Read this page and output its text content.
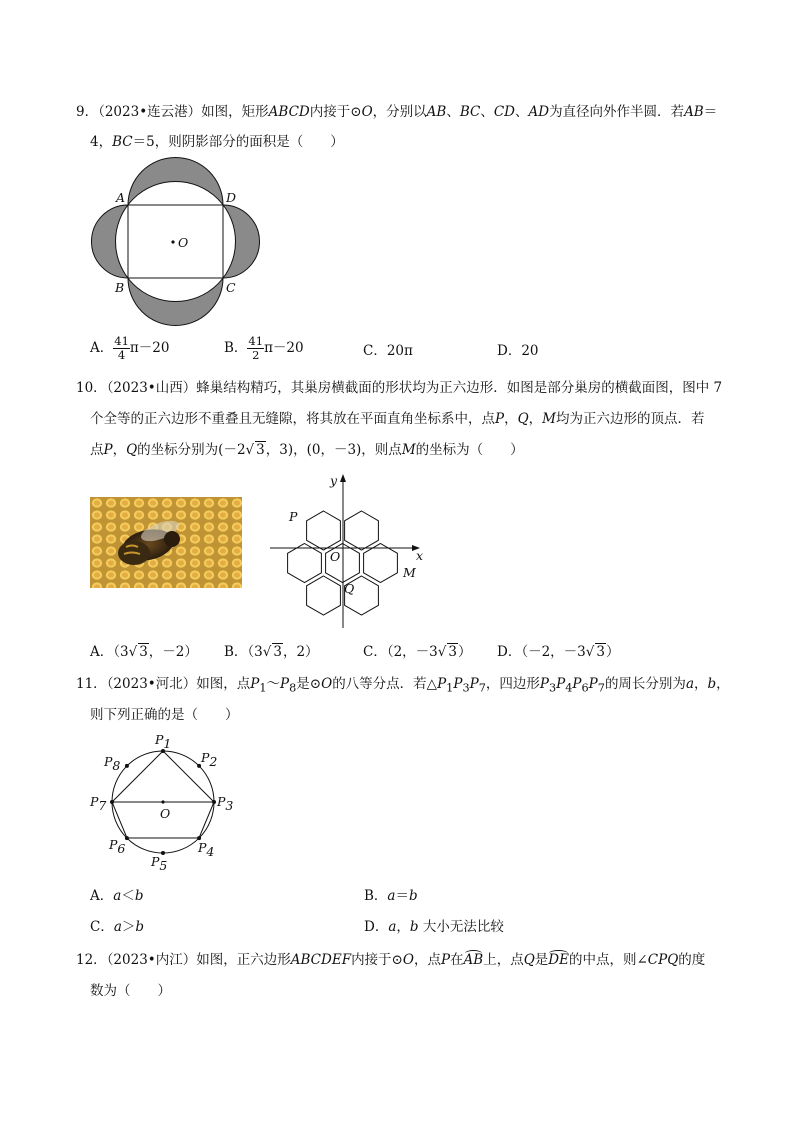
9．（2023•连云港）如图，矩形ABCD内接于⊙O，分别以AB、BC、CD、AD为直径向外作半圆．若AB＝
4，BC＝5，则阴影部分的面积是（　　）
O
A	D
B	C
A． $\frac{41}{4} \pi-20$	B． $\frac{41}{2} \pi-20$	C．20π	D．20
10．（2023•山西）蜂巢结构精巧，其巢房横截面的形状均为正六边形．如图是部分巢房的横截面图，图中 7
个全等的正六边形不重叠且无缝隙，将其放在平面直角坐标系中，点P，Q，M均为正六边形的顶点．若
点P，Q的坐标分别为(－2√ 3，3)，(0，－3)，则点M的坐标为（　　）
y
x
P
O
Q
M
A．（3√ 3，－2） B．（3√ 3，2）	C．（2，－3√ 3） D．（－2，－3√ 3）
11．（2023•河北）如图，点$P_1\sim P_8$是⊙O的八等分点．若$\triangle P_1P_3P_7$，四边形$P_3P_4P_6P_7$的周长分别为a，b，
则下列正确的是（　　）
O
P1
P2
P3
P4
P5
P6
P7
P8
A．a＜b	B．a＝b
C．a＞b	D．a，b 大小无法比较
12．（2023•内江）如图，正六边形ABCDEF内接于⊙O，点P在
AB上，点Q是
DE的中点，则∠CPQ的度
数为（　　）
